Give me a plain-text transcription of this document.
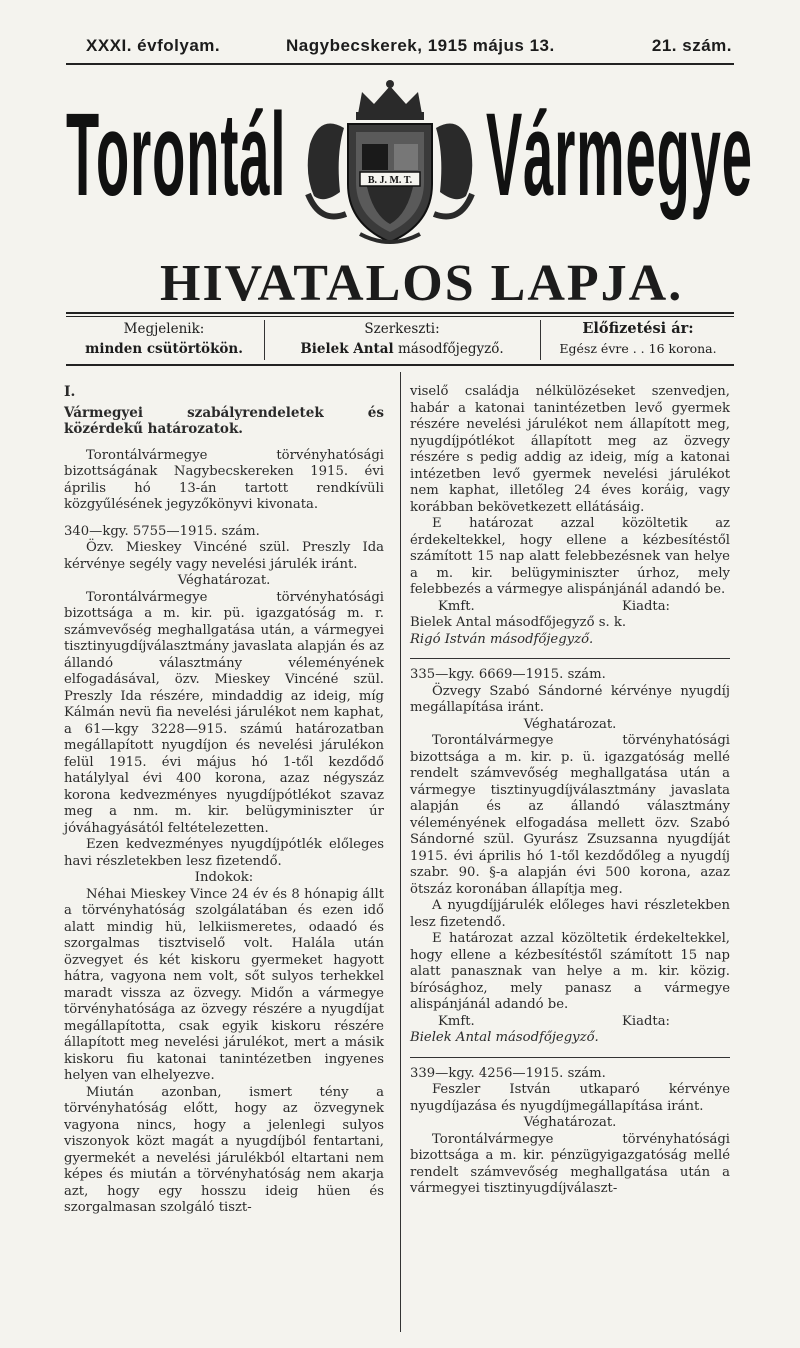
XXXI. évfolyam.	Nagybecskerek, 1915 május 13.	21. szám.
Torontál Vármegye
B. J. M. T.
HIVATALOS LAPJA.
Megjelenik:
minden csütörtökön.
Szerkeszti:
Bielek Antal másodfőjegyző.
Előfizetési ár:
Egész évre . . 16 korona.

I.

Vármegyei szabályrendeletek és közérdekű határozatok.

Torontálvármegye törvényhatósági bizottságának Nagybecskereken 1915. évi április hó 13-án tartott rendkívüli közgyűlésének jegyzőkönyvi kivonata.

340—kgy. 5755—1915. szám.

Özv. Mieskey Vincéné szül. Preszly Ida kérvénye segély vagy nevelési járulék iránt.

Véghatározat.

Torontálvármegye törvényhatósági bizottsága a m. kir. pü. igazgatóság m. r. számvevőség meghallgatása után, a vármegyei tisztinyugdíjválasztmány javaslata alapján és az állandó választmány véleményének elfogadásával, özv. Mieskey Vincéné szül. Preszly Ida részére, mindaddig az ideig, míg Kálmán nevü fia nevelési járulékot nem kaphat, a 61—kgy 3228—915. számú határozatban megállapított nyugdíjon és nevelési járulékon felül 1915. évi május hó 1-től kezdődő hatálylyal évi 400 korona, azaz négyszáz korona kedvezményes nyugdíjpótlékot szavaz meg a nm. m. kir. belügyminiszter úr jóváhagyásától feltételezetten.

Ezen kedvezményes nyugdíjpótlék előleges havi részletekben lesz fizetendő.

Indokok:

Néhai Mieskey Vince 24 év és 8 hónapig állt a törvényhatóság szolgálatában és ezen idő alatt mindig hü, lelkiismeretes, odaadó és szorgalmas tisztviselő volt. Halála után özvegyet és két kiskoru gyermeket hagyott hátra, vagyona nem volt, sőt sulyos terhekkel maradt vissza az özvegy. Midőn a vármegye törvényhatósága az özvegy részére a nyugdíjat megállapította, csak egyik kiskoru részére állapított meg nevelési járulékot, mert a másik kiskoru fiu katonai tanintézetben ingyenes helyen van elhelyezve.

Miután azonban, ismert tény a törvényhatóság előtt, hogy az özvegynek vagyona nincs, hogy a jelenlegi sulyos viszonyok közt magát a nyugdíjból fentartani, gyermekét a nevelési járulékból eltartani nem képes és miután a törvényhatóság nem akarja azt, hogy egy hosszu ideig hüen és szorgalmasan szolgáló tiszt-

viselő családja nélkülözéseket szenvedjen, habár a katonai tanintézetben levő gyermek részére nevelési járulékot nem állapított meg, nyugdíjpótlékot állapított meg az özvegy részére s pedig addig az ideig, míg a katonai intézetben levő gyermek nevelési járulékot nem kaphat, illetőleg 24 éves koráig, vagy korábban bekövetkezett ellátásáig.

E határozat azzal közöltetik az érdekeltekkel, hogy ellene a kézbesítéstől számított 15 nap alatt felebbezésnek van helye a m. kir. belügyminiszter úrhoz, mely felebbezés a vármegye alispánjánál adandó be.

Kmft.	Kiadta:

Bielek Antal másodfőjegyző s. k.

Rigó István másodfőjegyző.

335—kgy. 6669—1915. szám.

Özvegy Szabó Sándorné kérvénye nyugdíj megállapítása iránt.

Véghatározat.

Torontálvármegye törvényhatósági bizottsága a m. kir. p. ü. igazgatóság mellé rendelt számvevőség meghallgatása után a vármegye tisztinyugdíjválasztmány javaslata alapján és az állandó választmány véleményének elfogadása mellett özv. Szabó Sándorné szül. Gyurász Zsuzsanna nyugdíját 1915. évi április hó 1-től kezdődőleg a nyugdíj szabr. 90. §-a alapján évi 500 korona, azaz ötszáz koronában állapítja meg.

A nyugdíjjárulék előleges havi részletekben lesz fizetendő.

E határozat azzal közöltetik érdekeltekkel, hogy ellene a kézbesítéstől számított 15 nap alatt panasznak van helye a m. kir. közig. bírósághoz, mely panasz a vármegye alispánjánál adandó be.

Kmft.	Kiadta:

Bielek Antal másodfőjegyző.

339—kgy. 4256—1915. szám.

Feszler István utkaparó kérvénye nyugdíjazása és nyugdíjmegállapítása iránt.

Véghatározat.

Torontálvármegye törvényhatósági bizottsága a m. kir. pénzügyigazgatóság mellé rendelt számvevőség meghallgatása után a vármegyei tisztinyugdíjválaszt-
